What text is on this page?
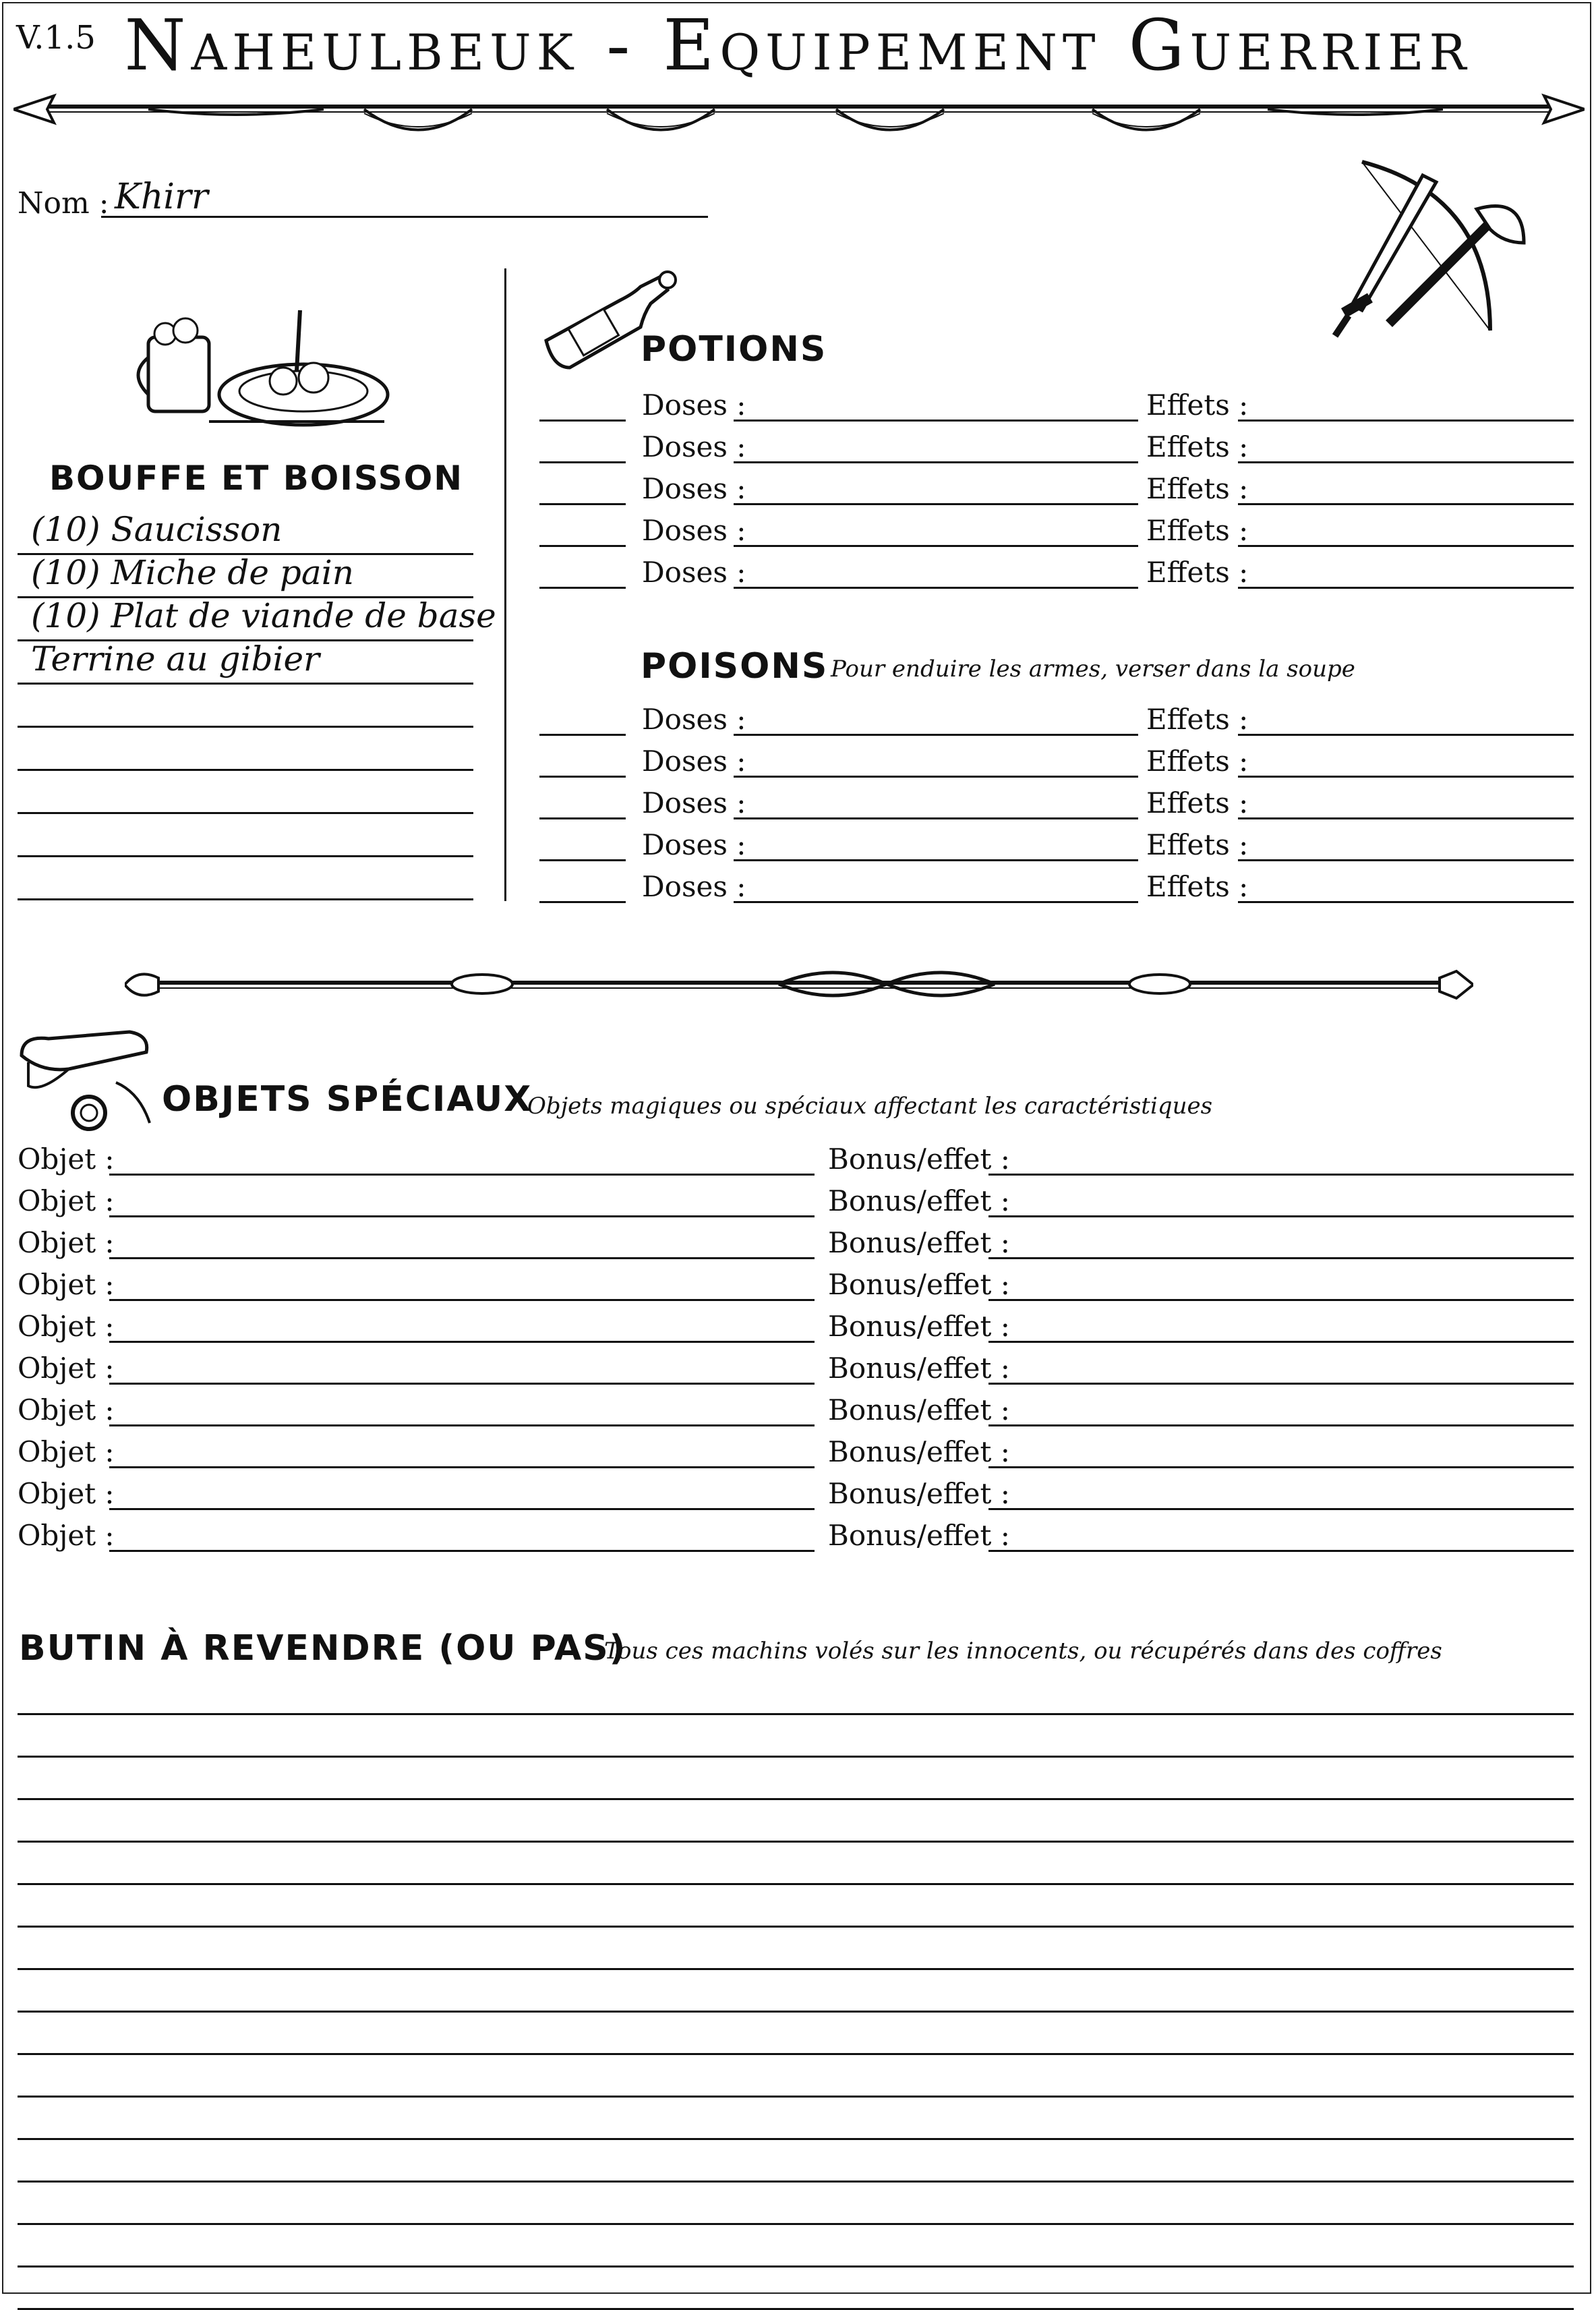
V.1.5 Naheulbeuk - Equipement Guerrier
Nom : Khirr
BOUFFE ET BOISSON
(10) Saucisson
(10) Miche de pain
(10) Plat de viande de base
Terrine au gibier
POTIONS
Doses :	Effets :
Doses :	Effets :
Doses :	Effets :
Doses :	Effets :
Doses :	Effets :
POISONS Pour enduire les armes, verser dans la soupe
Doses :	Effets :
Doses :	Effets :
Doses :	Effets :
Doses :	Effets :
Doses :	Effets :
OBJETS SPÉCIAUX
Objets magiques ou spéciaux affectant les caractéristiques
Objet :	Bonus/effet :
Objet :	Bonus/effet :
Objet :	Bonus/effet :
Objet :	Bonus/effet :
Objet :	Bonus/effet :
Objet :	Bonus/effet :
Objet :	Bonus/effet :
Objet :	Bonus/effet :
Objet :	Bonus/effet :
Objet :	Bonus/effet :
BUTIN À REVENDRE (OU PAS)
Tous ces machins volés sur les innocents, ou récupérés dans des coffres
